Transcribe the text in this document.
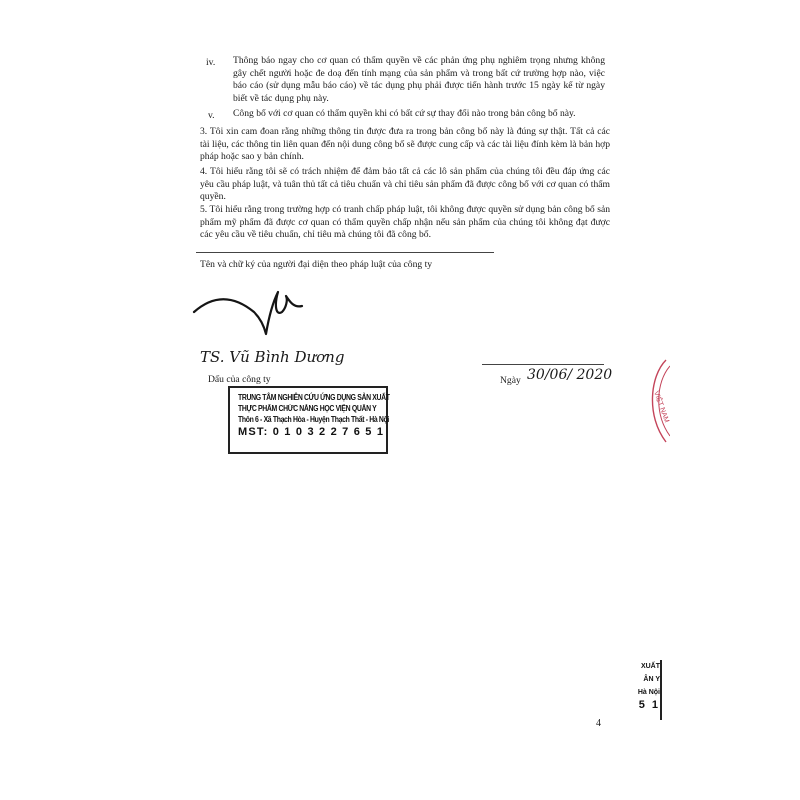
iv. Thông báo ngay cho cơ quan có thẩm quyền về các phản ứng phụ nghiêm trọng nhưng không gây chết người hoặc đe doạ đến tính mạng của sản phẩm và trong bất cứ trường hợp nào, việc báo cáo (sử dụng mẫu báo cáo) về tác dụng phụ phải được tiến hành trước 15 ngày kể từ ngày biết về tác dụng phụ này.

v. Công bố với cơ quan có thẩm quyền khi có bất cứ sự thay đổi nào trong bản công bố này.

3. Tôi xin cam đoan rằng những thông tin được đưa ra trong bản công bố này là đúng sự thật. Tất cả các tài liệu, các thông tin liên quan đến nội dung công bố sẽ được cung cấp và các tài liệu đính kèm là bản hợp pháp hoặc sao y bản chính.

4. Tôi hiểu rằng tôi sẽ có trách nhiệm để đảm bảo tất cả các lô sản phẩm của chúng tôi đều đáp ứng các yêu cầu pháp luật, và tuân thủ tất cả tiêu chuẩn và chỉ tiêu sản phẩm đã được công bố với cơ quan có thẩm quyền.

5. Tôi hiểu rằng trong trường hợp có tranh chấp pháp luật, tôi không được quyền sử dụng bản công bố sản phẩm mỹ phẩm đã được cơ quan có thẩm quyền chấp nhận nếu sản phẩm của chúng tôi không đạt được các yêu cầu về tiêu chuẩn, chỉ tiêu mà chúng tôi đã công bố.

Tên và chữ ký của người đại diện theo pháp luật của công ty

TS. Vũ Bình Dương

Dấu của công ty	Ngày 30/06/ 2020
TRUNG TÂM NGHIÊN CỨU ỨNG DỤNG SẢN XUẤT
THỰC PHẨM CHỨC NĂNG HỌC VIỆN QUÂN Y
Thôn 6 - Xã Thạch Hòa - Huyện Thạch Thất - Hà Nội
MST: 0 1 0 3 2 2 7 6 5 1
VIỆT NAM
XUẤT
ÂN Y
Hà Nội
5 1
4
